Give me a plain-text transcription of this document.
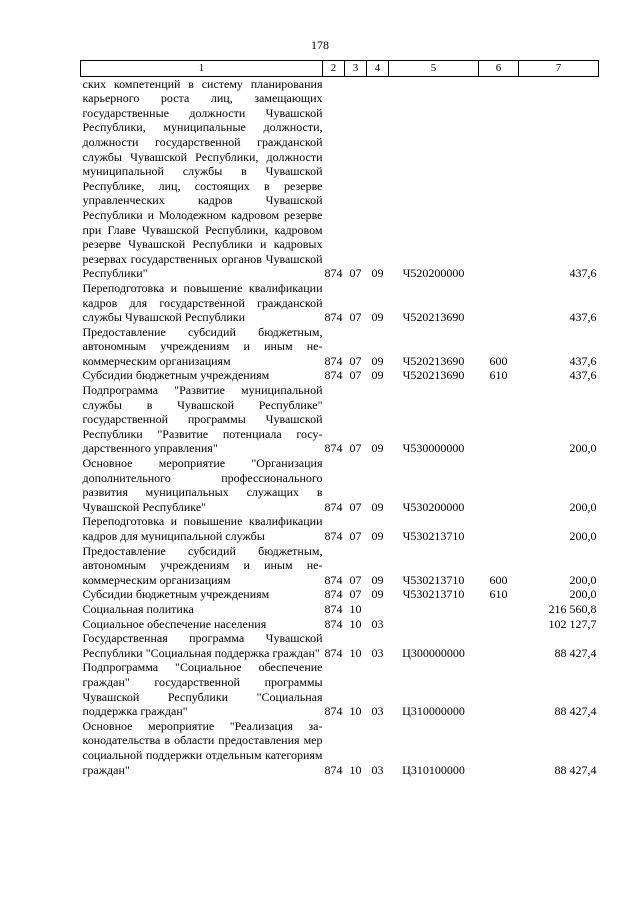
178
1	2	3	4	5	6	7
ских компетенций в систему планирования карьерного роста лиц, замещающих государственные должности Чувашской Республики, муниципальные должности, должности государственной гражданской службы Чувашской Республики, должности муниципальной службы в Чувашской Республике, лиц, состоящих в резерве управленческих кадров Чувашской Республики и Молодежном кадровом резерве при Главе Чувашской Республики, кадровом резерве Чувашской Республики и кадровых резервах государственных органов Чувашской Республики"	874	07	09	Ч520200000		437,6
Переподготовка и повышение квалификации кадров для государственной гражданской службы Чувашской Республики	874	07	09	Ч520213690		437,6
Предоставление субсидий бюджетным, автономным учреждениям и иным некоммерческим организациям	874	07	09	Ч520213690	600	437,6
Субсидии бюджетным учреждениям	874	07	09	Ч520213690	610	437,6
Подпрограмма "Развитие муниципальной службы в Чувашской Республике" государственной программы Чувашской Республики "Развитие потенциала государственного управления"	874	07	09	Ч530000000		200,0
Основное мероприятие "Организация дополнительного профессионального развития муниципальных служащих в Чувашской Республике"	874	07	09	Ч530200000		200,0
Переподготовка и повышение квалификации кадров для муниципальной службы	874	07	09	Ч530213710		200,0
Предоставление субсидий бюджетным, автономным учреждениям и иным некоммерческим организациям	874	07	09	Ч530213710	600	200,0
Субсидии бюджетным учреждениям	874	07	09	Ч530213710	610	200,0
Социальная политика	874	10				216 560,8
Социальное обеспечение населения	874	10	03			102 127,7
Государственная программа Чувашской Республики "Социальная поддержка граждан"	874	10	03	Ц300000000		88 427,4
Подпрограмма "Социальное обеспечение граждан" государственной программы Чувашской Республики "Социальная поддержка граждан"	874	10	03	Ц310000000		88 427,4
Основное мероприятие "Реализация законодательства в области предоставления мер социальной поддержки отдельным категориям граждан"	874	10	03	Ц310100000		88 427,4
